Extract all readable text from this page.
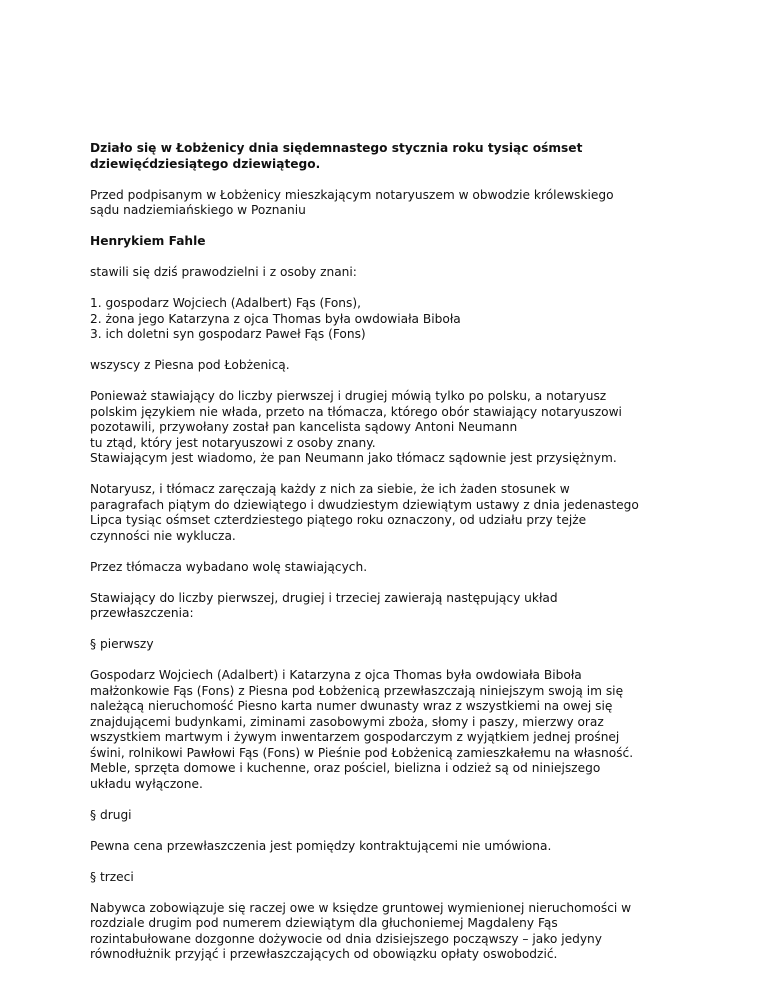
Działo się w Łobżenicy dnia siędemnastego stycznia roku tysiąc ośmset
dziewięćdziesiątego dziewiątego.

Przed podpisanym w Łobżenicy mieszkającym notaryuszem w obwodzie królewskiego
sądu nadziemiańskiego w Poznaniu

Henrykiem Fahle

stawili się dziś prawodzielni i z osoby znani:

1. gospodarz Wojciech (Adalbert) Fąs (Fons),
2. żona jego Katarzyna z ojca Thomas była owdowiała Biboła
3. ich doletni syn gospodarz Paweł Fąs (Fons)

wszyscy z Piesna pod Łobżenicą.

Ponieważ stawiający do liczby pierwszej i drugiej mówią tylko po polsku, a notaryusz
polskim językiem nie włada, przeto na tłómacza, którego obór stawiający notaryuszowi
pozotawili, przywołany został pan kancelista sądowy Antoni Neumann
tu ztąd, który jest notaryuszowi z osoby znany.
Stawiającym jest wiadomo, że pan Neumann jako tłómacz sądownie jest przysiężnym.

Notaryusz, i tłómacz zaręczają każdy z nich za siebie, że ich żaden stosunek w
paragrafach piątym do dziewiątego i dwudziestym dziewiątym ustawy z dnia jedenastego
Lipca tysiąc ośmset czterdziestego piątego roku oznaczony, od udziału przy tejże
czynności nie wyklucza.

Przez tłómacza wybadano wolę stawiających.

Stawiający do liczby pierwszej, drugiej i trzeciej zawierają następujący układ
przewłaszczenia:

§ pierwszy

Gospodarz Wojciech (Adalbert) i Katarzyna z ojca Thomas była owdowiała Biboła
małżonkowie Fąs (Fons) z Piesna pod Łobżenicą przewłaszczają niniejszym swoją im się
należącą nieruchomość Piesno karta numer dwunasty wraz z wszystkiemi na owej się
znajdującemi budynkami, ziminami zasobowymi zboża, słomy i paszy, mierzwy oraz
wszystkiem martwym i żywym inwentarzem gospodarczym z wyjątkiem jednej prośnej
świni, rolnikowi Pawłowi Fąs (Fons) w Pieśnie pod Łobżenicą zamieszkałemu na własność.
Meble, sprzęta domowe i kuchenne, oraz pościel, bielizna i odzież są od niniejszego
układu wyłączone.

§ drugi

Pewna cena przewłaszczenia jest pomiędzy kontraktującemi nie umówiona.

§ trzeci

Nabywca zobowiązuje się raczej owe w księdze gruntowej wymienionej nieruchomości w
rozdziale drugim pod numerem dziewiątym dla głuchoniemej Magdaleny Fąs
rozintabułowane dozgonne dożywocie od dnia dzisiejszego począwszy – jako jedyny
równodłużnik przyjąć i przewłaszczających od obowiązku opłaty oswobodzić.
